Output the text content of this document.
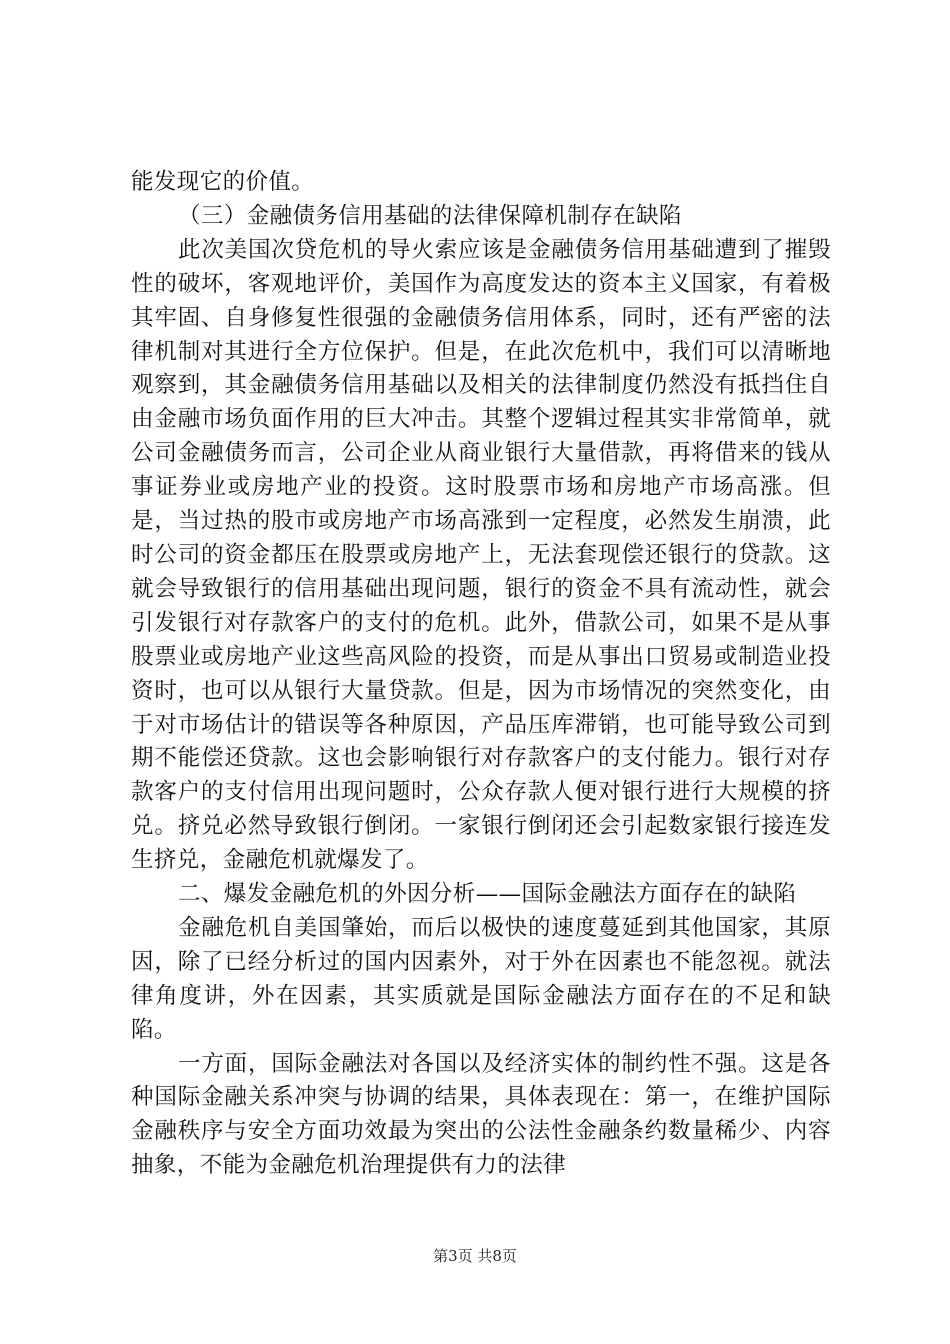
能发现它的价值。

（三）金融债务信用基础的法律保障机制存在缺陷

此次美国次贷危机的导火索应该是金融债务信用基础遭到了摧毁性的破坏，客观地评价，美国作为高度发达的资本主义国家，有着极其牢固、自身修复性很强的金融债务信用体系，同时，还有严密的法律机制对其进行全方位保护。但是，在此次危机中，我们可以清晰地观察到，其金融债务信用基础以及相关的法律制度仍然没有抵挡住自由金融市场负面作用的巨大冲击。其整个逻辑过程其实非常简单，就公司金融债务而言，公司企业从商业银行大量借款，再将借来的钱从事证券业或房地产业的投资。这时股票市场和房地产市场高涨。但是，当过热的股市或房地产市场高涨到一定程度，必然发生崩溃，此时公司的资金都压在股票或房地产上，无法套现偿还银行的贷款。这就会导致银行的信用基础出现问题，银行的资金不具有流动性，就会引发银行对存款客户的支付的危机。此外，借款公司，如果不是从事股票业或房地产业这些高风险的投资，而是从事出口贸易或制造业投资时，也可以从银行大量贷款。但是，因为市场情况的突然变化，由于对市场估计的错误等各种原因，产品压库滞销，也可能导致公司到期不能偿还贷款。这也会影响银行对存款客户的支付能力。银行对存款客户的支付信用出现问题时，公众存款人便对银行进行大规模的挤兑。挤兑必然导致银行倒闭。一家银行倒闭还会引起数家银行接连发生挤兑，金融危机就爆发了。

二、爆发金融危机的外因分析——国际金融法方面存在的缺陷

金融危机自美国肇始，而后以极快的速度蔓延到其他国家，其原因，除了已经分析过的国内因素外，对于外在因素也不能忽视。就法律角度讲，外在因素，其实质就是国际金融法方面存在的不足和缺陷。

一方面，国际金融法对各国以及经济实体的制约性不强。这是各种国际金融关系冲突与协调的结果，具体表现在：第一，在维护国际金融秩序与安全方面功效最为突出的公法性金融条约数量稀少、内容抽象，不能为金融危机治理提供有力的法律

第3页 共8页
